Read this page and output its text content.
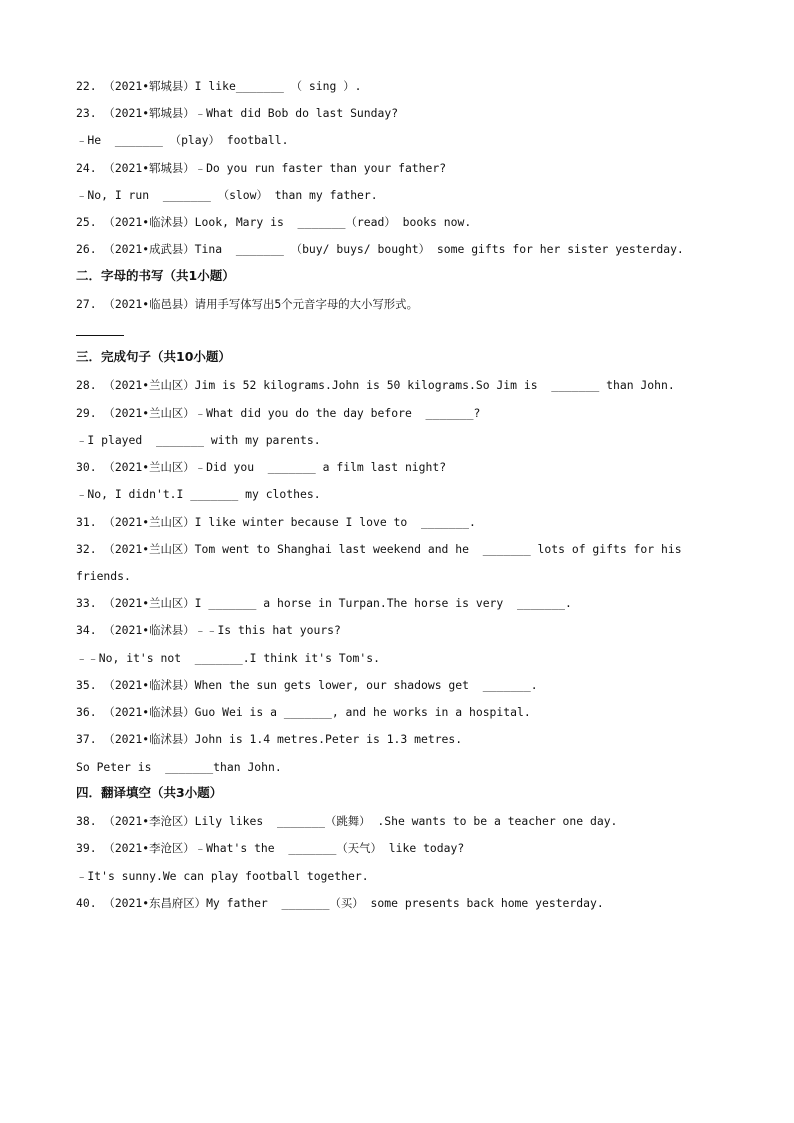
22. （2021•郓城县）I like_______ （ sing ）.
23. （2021•郓城县）﹣What did Bob do last Sunday?
﹣He  _______ （play） football.
24. （2021•郓城县）﹣Do you run faster than your father?
﹣No, I run  _______ （slow） than my father.
25. （2021•临沭县）Look, Mary is  _______（read） books now.
26. （2021•成武县）Tina  _______ （buy/ buys/ bought） some gifts for her sister yesterday.
二．字母的书写（共1小题）
27. （2021•临邑县）请用手写体写出5个元音字母的大小写形式。
三．完成句子（共10小题）
28. （2021•兰山区）Jim is 52 kilograms.John is 50 kilograms.So Jim is  _______ than John.
29. （2021•兰山区）﹣What did you do the day before  _______?
﹣I played  _______ with my parents.
30. （2021•兰山区）﹣Did you  _______ a film last night?
﹣No, I didn't.I _______ my clothes.
31. （2021•兰山区）I like winter because I love to  _______.
32. （2021•兰山区）Tom went to Shanghai last weekend and he  _______ lots of gifts for his
friends.
33. （2021•兰山区）I _______ a horse in Turpan.The horse is very  _______.
34. （2021•临沭县）﹣﹣Is this hat yours?
﹣﹣No, it's not  _______.I think it's Tom's.
35. （2021•临沭县）When the sun gets lower, our shadows get  _______.
36. （2021•临沭县）Guo Wei is a _______, and he works in a hospital.
37. （2021•临沭县）John is 1.4 metres.Peter is 1.3 metres.
So Peter is  _______than John.
四．翻译填空（共3小题）
38. （2021•李沧区）Lily likes  _______（跳舞） .She wants to be a teacher one day.
39. （2021•李沧区）﹣What's the  _______（天气） like today?
﹣It's sunny.We can play football together.
40. （2021•东昌府区）My father  _______（买） some presents back home yesterday.
